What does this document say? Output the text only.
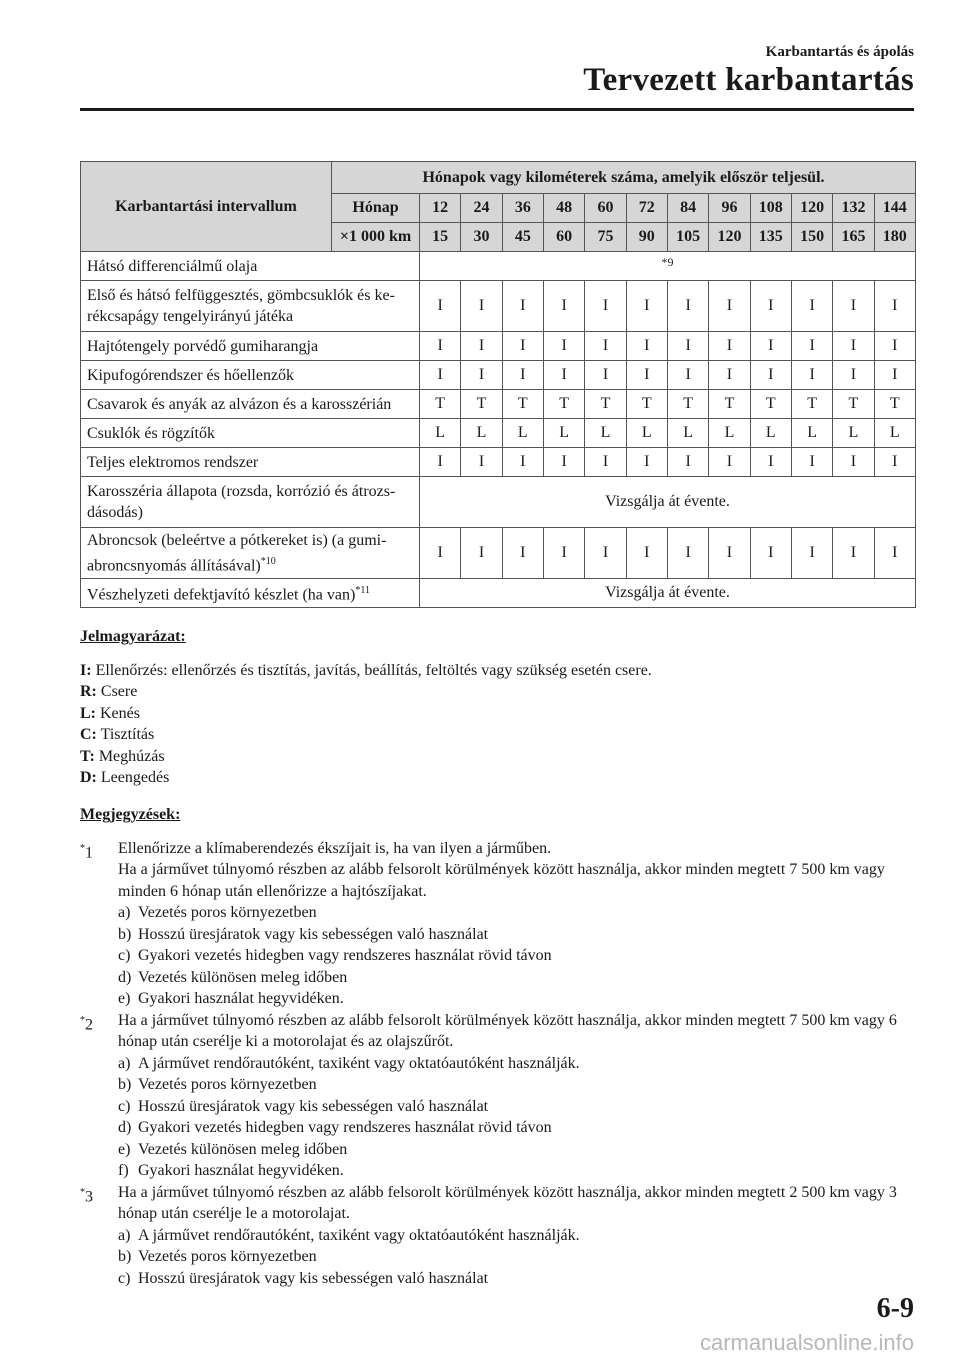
Karbantartás és ápolás
Tervezett karbantartás
Karbantartási intervallum	Hónapok vagy kilométerek száma, amelyik először teljesül.												
	Hónap	12	24	36	48	60	72	84	96	108	120	132	144
	×1 000 km	15	30	45	60	75	90	105	120	135	150	165	180
Hátsó differenciálmű olaja		*9											
Első és hátsó felfüggesztés, gömbcsuklók és ke-rékcsapágy tengelyirányú játéka		I	I	I	I	I	I	I	I	I	I	I	I
Hajtótengely porvédő gumiharangja		I	I	I	I	I	I	I	I	I	I	I	I
Kipufogórendszer és hőellenzők		I	I	I	I	I	I	I	I	I	I	I	I
Csavarok és anyák az alvázon és a karosszérián		T	T	T	T	T	T	T	T	T	T	T	T
Csuklók és rögzítők		L	L	L	L	L	L	L	L	L	L	L	L
Teljes elektromos rendszer		I	I	I	I	I	I	I	I	I	I	I	I
Karosszéria állapota (rozsda, korrózió és átrozs-dásodás)		Vizsgálja át évente.											
Abroncsok (beleértve a pótkereket is) (a gumi-abroncsnyomás állításával)$^{*10}$		I	I	I	I	I	I	I	I	I	I	I	I
Vészhelyzeti defektjavító készlet (ha van)$^{*11}$		Vizsgálja át évente.											
Jelmagyarázat:
I: Ellenőrzés: ellenőrzés és tisztítás, javítás, beállítás, feltöltés vagy szükség esetén csere.
R: Csere
L: Kenés
C: Tisztítás
T: Meghúzás
D: Leengedés
Megjegyzések:
*1 Ellenőrizze a klímaberendezés ékszíjait is, ha van ilyen a járműben.
Ha a járművet túlnyomó részben az alább felsorolt körülmények között használja, akkor minden megtett 7 500 km vagy minden 6 hónap után ellenőrizze a hajtószíjakat.
a) Vezetés poros környezetben
b) Hosszú üresjáratok vagy kis sebességen való használat
c) Gyakori vezetés hidegben vagy rendszeres használat rövid távon
d) Vezetés különösen meleg időben
e) Gyakori használat hegyvidéken.
*2 Ha a járművet túlnyomó részben az alább felsorolt körülmények között használja, akkor minden megtett 7 500 km vagy 6 hónap után cserélje ki a motorolajat és az olajszűrőt.
a) A járművet rendőrautóként, taxiként vagy oktatóautóként használják.
b) Vezetés poros környezetben
c) Hosszú üresjáratok vagy kis sebességen való használat
d) Gyakori vezetés hidegben vagy rendszeres használat rövid távon
e) Vezetés különösen meleg időben
f) Gyakori használat hegyvidéken.
*3 Ha a járművet túlnyomó részben az alább felsorolt körülmények között használja, akkor minden megtett 2 500 km vagy 3 hónap után cserélje le a motorolajat.
a) A járművet rendőrautóként, taxiként vagy oktatóautóként használják.
b) Vezetés poros környezetben
c) Hosszú üresjáratok vagy kis sebességen való használat
6-9
carmanualsonline.info
